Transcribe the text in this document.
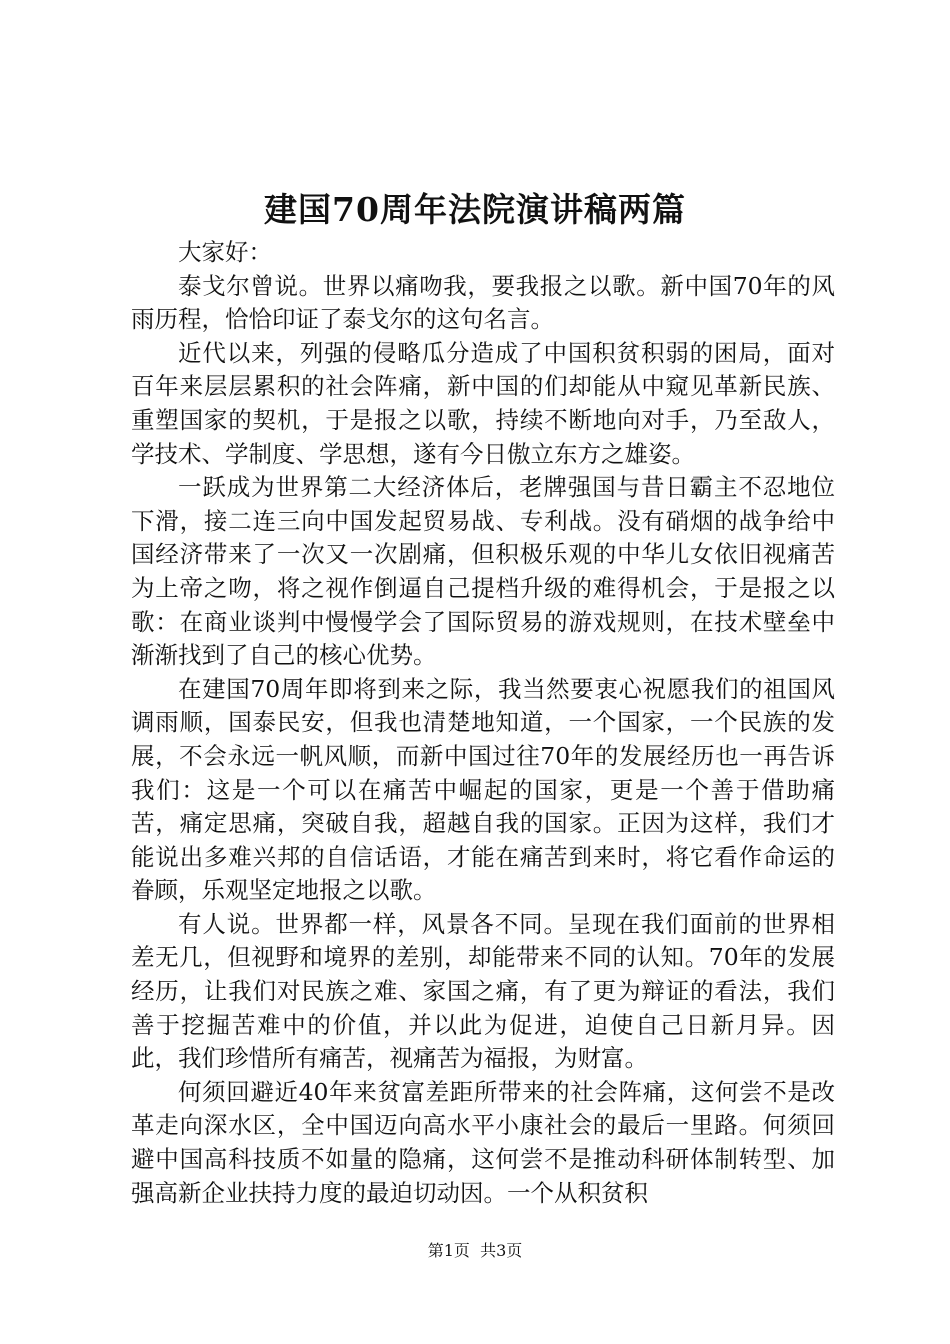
建国70周年法院演讲稿两篇

大家好：

泰戈尔曾说。世界以痛吻我，要我报之以歌。新中国70年的风雨历程，恰恰印证了泰戈尔的这句名言。

近代以来，列强的侵略瓜分造成了中国积贫积弱的困局，面对百年来层层累积的社会阵痛，新中国的们却能从中窥见革新民族、重塑国家的契机，于是报之以歌，持续不断地向对手，乃至敌人，学技术、学制度、学思想，遂有今日傲立东方之雄姿。

一跃成为世界第二大经济体后，老牌强国与昔日霸主不忍地位下滑，接二连三向中国发起贸易战、专利战。没有硝烟的战争给中国经济带来了一次又一次剧痛，但积极乐观的中华儿女依旧视痛苦为上帝之吻，将之视作倒逼自己提档升级的难得机会，于是报之以歌：在商业谈判中慢慢学会了国际贸易的游戏规则，在技术壁垒中渐渐找到了自己的核心优势。

在建国70周年即将到来之际，我当然要衷心祝愿我们的祖国风调雨顺，国泰民安，但我也清楚地知道，一个国家，一个民族的发展，不会永远一帆风顺，而新中国过往70年的发展经历也一再告诉我们：这是一个可以在痛苦中崛起的国家，更是一个善于借助痛苦，痛定思痛，突破自我，超越自我的国家。正因为这样，我们才能说出多难兴邦的自信话语，才能在痛苦到来时，将它看作命运的眷顾，乐观坚定地报之以歌。

有人说。世界都一样，风景各不同。呈现在我们面前的世界相差无几，但视野和境界的差别，却能带来不同的认知。70年的发展经历，让我们对民族之难、家国之痛，有了更为辩证的看法，我们善于挖掘苦难中的价值，并以此为促进，迫使自己日新月异。因此，我们珍惜所有痛苦，视痛苦为福报，为财富。

何须回避近40年来贫富差距所带来的社会阵痛，这何尝不是改革走向深水区，全中国迈向高水平小康社会的最后一里路。何须回避中国高科技质不如量的隐痛，这何尝不是推动科研体制转型、加强高新企业扶持力度的最迫切动因。一个从积贫积

第1页 共3页
